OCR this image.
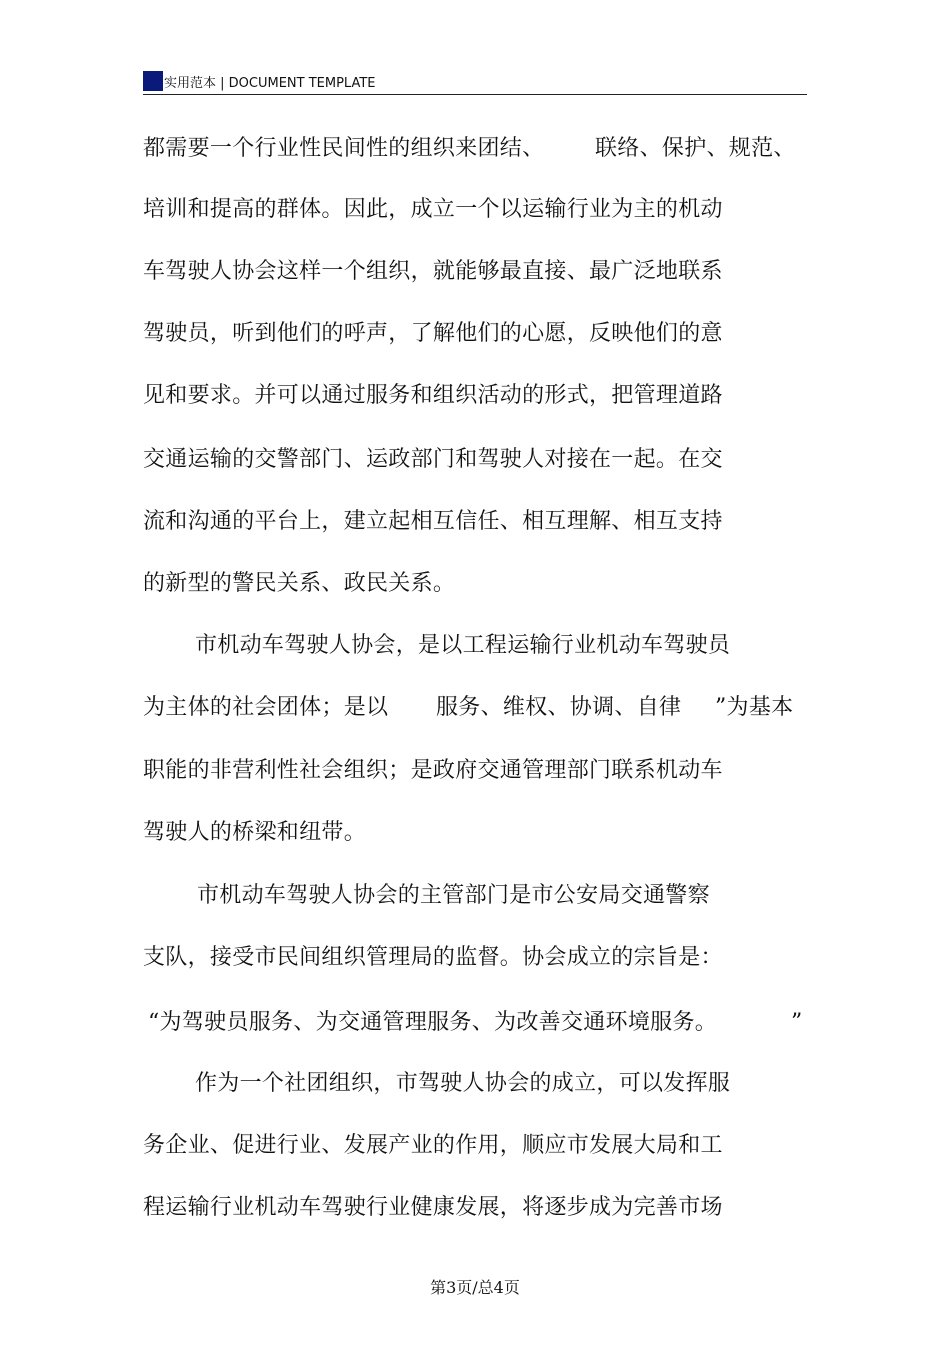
实用范本 | DOCUMENT TEMPLATE

都需要一个行业性民间性的组织来团结、

联络、保护、规范、

培训和提高的群体。因此，成立一个以运输行业为主的机动
车驾驶人协会这样一个组织，就能够最直接、最广泛地联系
驾驶员，听到他们的呼声，了解他们的心愿，反映他们的意
见和要求。并可以通过服务和组织活动的形式，把管理道路
交通运输的交警部门、运政部门和驾驶人对接在一起。在交
流和沟通的平台上，建立起相互信任、相互理解、相互支持
的新型的警民关系、政民关系。
市机动车驾驶人协会，是以工程运输行业机动车驾驶员

为主体的社会团体；是以

服务、维权、协调、自律

”为基本

职能的非营利性社会组织；是政府交通管理部门联系机动车
驾驶人的桥梁和纽带。
市机动车驾驶人协会的主管部门是市公安局交通警察
支队，接受市民间组织管理局的监督。协会成立的宗旨是：

“为驾驶员服务、为交通管理服务、为改善交通环境服务。

	”

作为一个社团组织，市驾驶人协会的成立，可以发挥服
务企业、促进行业、发展产业的作用，顺应市发展大局和工
程运输行业机动车驾驶行业健康发展，将逐步成为完善市场
第3页/总4页
